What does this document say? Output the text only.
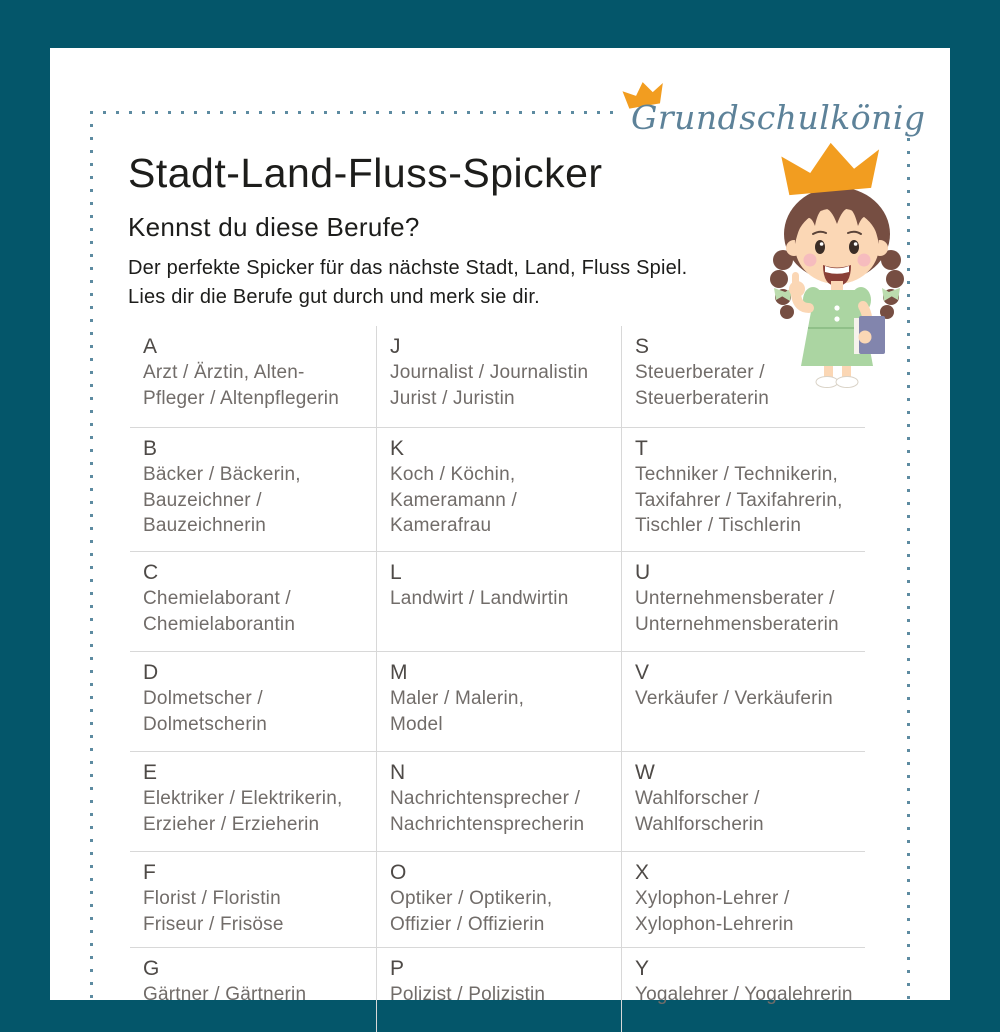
Grundschulkönig
Stadt-Land-Fluss-Spicker
Kennst du diese Berufe?
Der perfekte Spicker für das nächste Stadt, Land, Fluss Spiel.
Lies dir die Berufe gut durch und merk sie dir.
A
Arzt / Ärztin, Alten-
Pfleger / Altenpflegerin
J
Journalist / Journalistin
Jurist / Juristin
S
Steuerberater /
Steuerberaterin
B
Bäcker / Bäckerin,
Bauzeichner /
Bauzeichnerin
K
Koch / Köchin,
Kameramann /
Kamerafrau
T
Techniker / Technikerin,
Taxifahrer / Taxifahrerin,
Tischler / Tischlerin
C
Chemielaborant /
Chemielaborantin
L
Landwirt / Landwirtin
U
Unternehmensberater /
Unternehmensberaterin
D
Dolmetscher /
Dolmetscherin
M
Maler / Malerin,
Model
V
Verkäufer / Verkäuferin
E
Elektriker / Elektrikerin,
Erzieher / Erzieherin
N
Nachrichtensprecher /
Nachrichtensprecherin
W
Wahlforscher /
Wahlforscherin
F
Florist / Floristin
Friseur / Frisöse
O
Optiker / Optikerin,
Offizier / Offizierin
X
Xylophon-Lehrer /
Xylophon-Lehrerin
G
Gärtner / Gärtnerin
P
Polizist / Polizistin
Y
Yogalehrer / Yogalehrerin
